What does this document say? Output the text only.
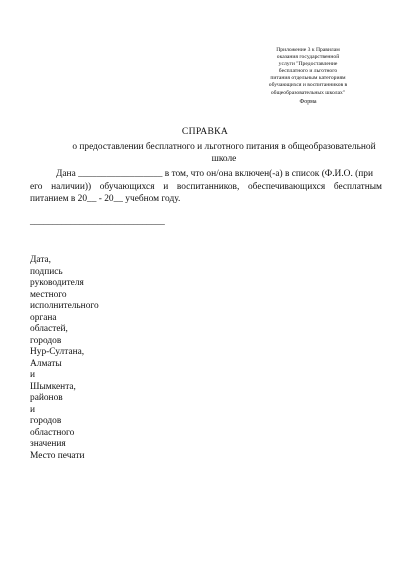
Приложение 3 к Правилам
оказания государственной
услуги "Предоставление
бесплатного и льготного
питания отдельным категориям
обучающихся и воспитанников в
общеобразовательных школах"
Форма
СПРАВКА
о предоставлении бесплатного и льготного питания в общеобразовательной
школе
Дана __________________ в том, что он/она включен(-а) в список (Ф.И.О. (при
его наличии)) обучающихся и воспитанников, обеспечивающихся бесплатным
питанием в 20__ - 20__ учебном году.
______________________________
Дата,
подпись
руководителя
местного
исполнительного
органа
областей,
городов
Нур-Султана,
Алматы
и
Шымкента,
районов
и
городов
областного
значения
Место печати
